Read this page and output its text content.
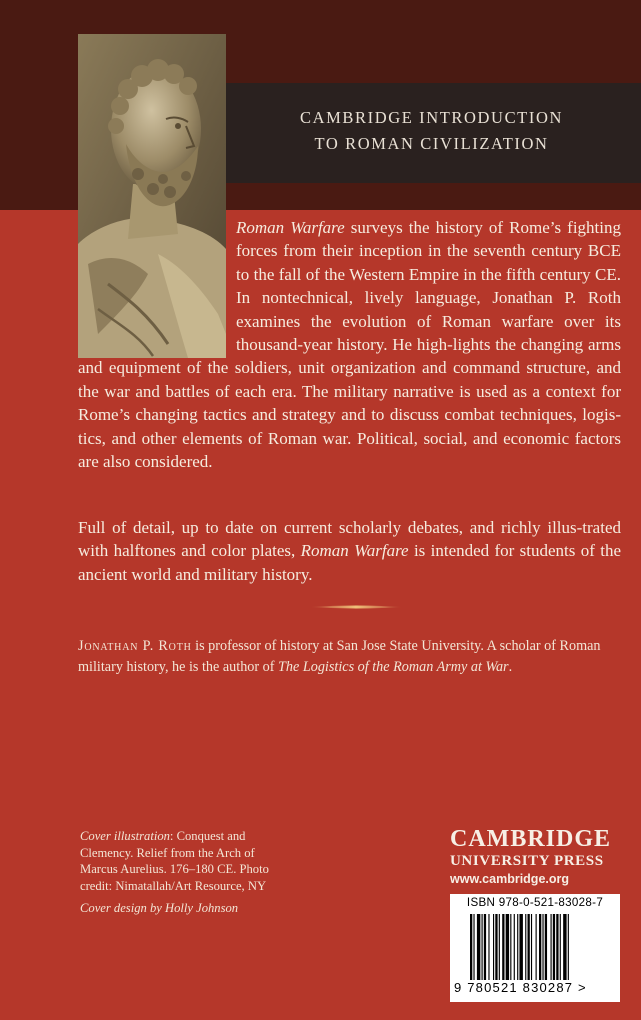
CAMBRIDGE INTRODUCTION
TO ROMAN CIVILIZATION

Roman Warfare surveys the history of Rome’s fighting forces from their inception in the seventh century BCE to the fall of the Western Empire in the fifth century CE. In nontechnical, lively language, Jonathan P. Roth examines the evolution of Roman warfare over its thousand-year history. He high-lights the changing arms and equipment of the soldiers, unit organization and command structure, and the war and battles of each era. The military narrative is used as a context for Rome’s changing tactics and strategy and to discuss combat techniques, logis-tics, and other elements of Roman war. Political, social, and economic factors are also considered.

Full of detail, up to date on current scholarly debates, and richly illus-trated with halftones and color plates, Roman Warfare is intended for students of the ancient world and military history.

Jonathan P. Roth is professor of history at San Jose State University. A scholar of Roman military history, he is the author of The Logistics of the Roman Army at War.

Cover illustration: Conquest and Clemency. Relief from the Arch of Marcus Aurelius. 176–180 CE. Photo credit: Nimatallah/Art Resource, NY

Cover design by Holly Johnson
CAMBRIDGE
UNIVERSITY PRESS
www.cambridge.org
ISBN 978-0-521-83028-7
9 780521 830287 >
